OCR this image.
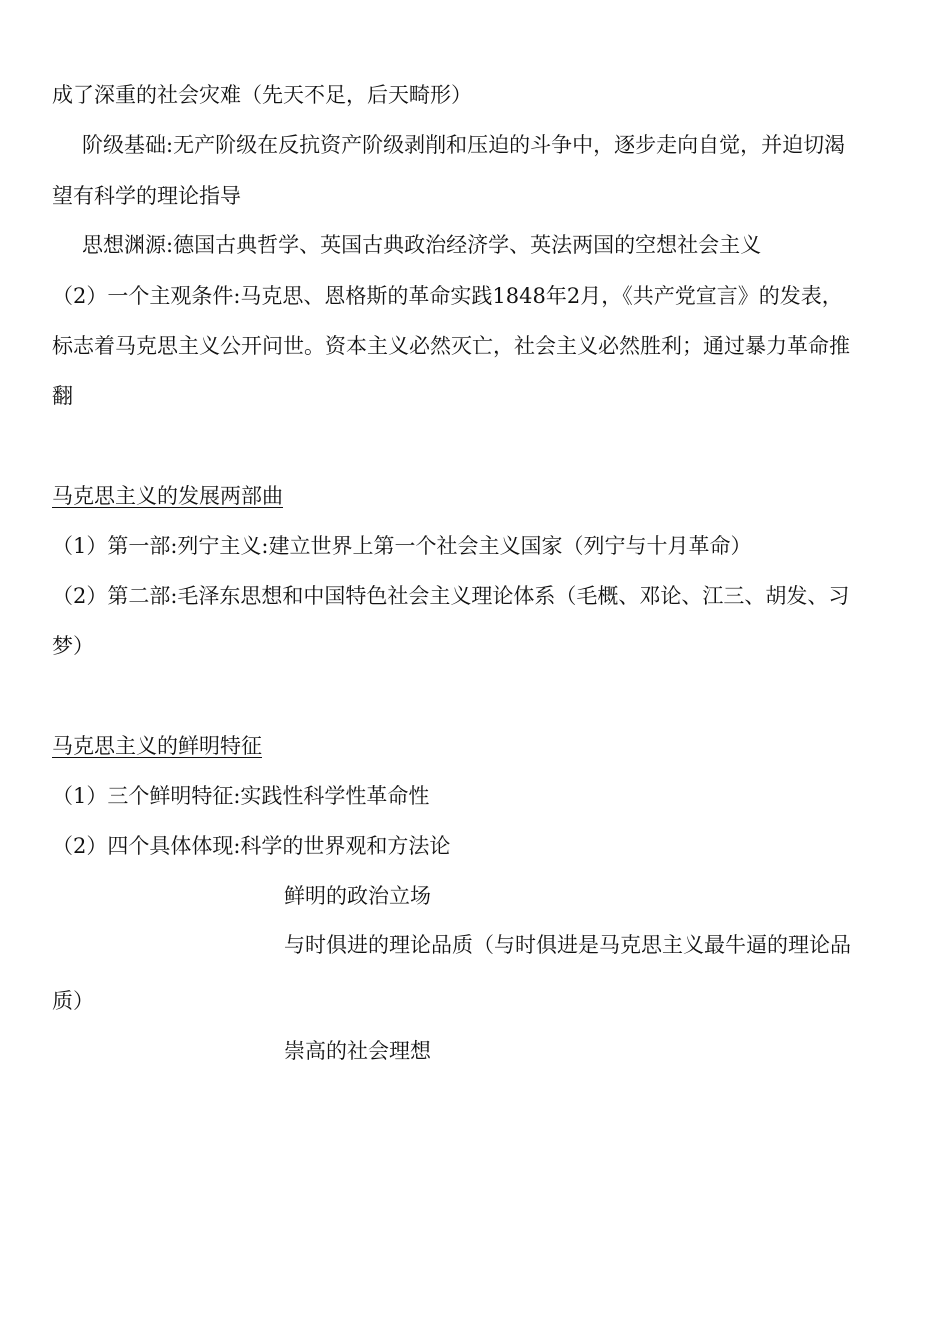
成了深重的社会灾难（先天不足，后天畸形）
阶级基础:无产阶级在反抗资产阶级剥削和压迫的斗争中，逐步走向自觉，并迫切渴
望有科学的理论指导
思想渊源:德国古典哲学、英国古典政治经济学、英法两国的空想社会主义
（2）一个主观条件:马克思、恩格斯的革命实践1848年2月，《共产党宣言》的发表，
标志着马克思主义公开问世。资本主义必然灭亡，社会主义必然胜利；通过暴力革命推
翻
马克思主义的发展两部曲
（1）第一部:列宁主义:建立世界上第一个社会主义国家（列宁与十月革命）
（2）第二部:毛泽东思想和中国特色社会主义理论体系（毛概、邓论、江三、胡发、习
梦）
马克思主义的鲜明特征
（1）三个鲜明特征:实践性科学性革命性
（2）四个具体体现:科学的世界观和方法论
鲜明的政治立场
与时俱进的理论品质（与时俱进是马克思主义最牛逼的理论品
质）
崇高的社会理想
